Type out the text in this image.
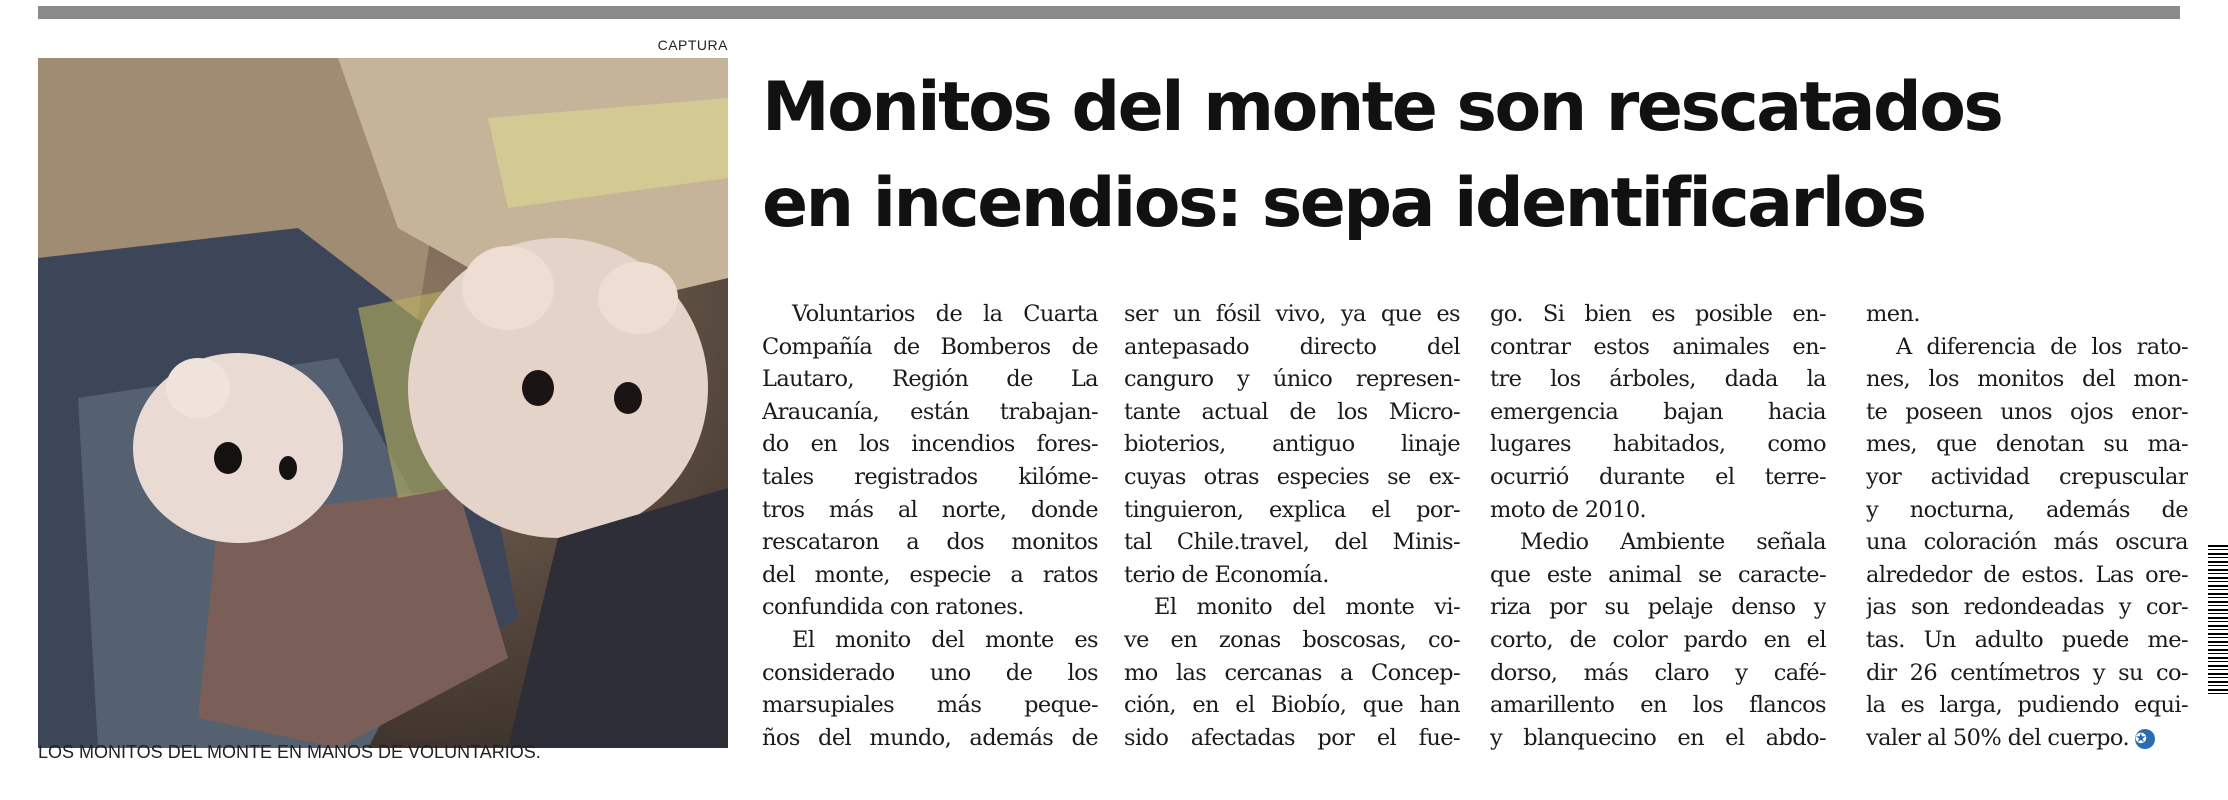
CAPTURA
LOS MONITOS DEL MONTE EN MANOS DE VOLUNTARIOS.
Monitos del monte son rescatados
en incendios: sepa identificarlos

Voluntarios de la Cuarta
Compañía de Bomberos de
Lautaro, Región de La
Araucanía, están trabajan-
do en los incendios fores-
tales registrados kilóme-
tros más al norte, donde
rescataron a dos monitos
del monte, especie a ratos
confundida con ratones.

El monito del monte es
considerado uno de los
marsupiales más peque-
ños del mundo, además de

ser un fósil vivo, ya que es
antepasado directo del
canguro y único represen-
tante actual de los Micro-
bioterios, antiguo linaje
cuyas otras especies se ex-
tinguieron, explica el por-
tal Chile.travel, del Minis-
terio de Economía.

El monito del monte vi-
ve en zonas boscosas, co-
mo las cercanas a Concep-
ción, en el Biobío, que han
sido afectadas por el fue-

go. Si bien es posible en-
contrar estos animales en-
tre los árboles, dada la
emergencia bajan hacia
lugares habitados, como
ocurrió durante el terre-
moto de 2010.

Medio Ambiente señala
que este animal se caracte-
riza por su pelaje denso y
corto, de color pardo en el
dorso, más claro y café-
amarillento en los flancos
y blanquecino en el abdo-

men.

A diferencia de los rato-
nes, los monitos del mon-
te poseen unos ojos enor-
mes, que denotan su ma-
yor actividad crepuscular
y nocturna, además de
una coloración más oscura
alrededor de estos. Las ore-
jas son redondeadas y cor-
tas. Un adulto puede me-
dir 26 centímetros y su co-
la es larga, pudiendo equi-
valer al 50% del cuerpo. ✪
